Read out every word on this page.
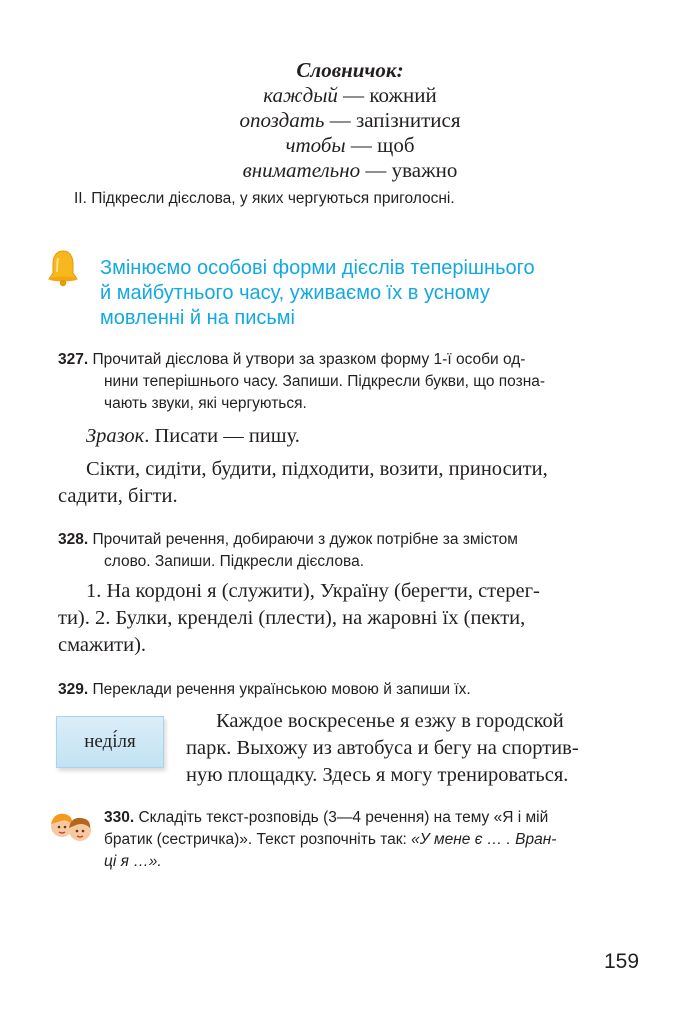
Словничок:
каждый — кожний
опоздать — запізнитися
чтобы — щоб
внимательно — уважно
II. Підкресли дієслова, у яких чергуються приголосні.
Змінюємо особові форми дієслів теперішнього
й майбутнього часу, уживаємо їх в усному
мовленні й на письмі
327. Прочитай дієслова й утвори за зразком форму 1-ї особи од-
нини теперішнього часу. Запиши. Підкресли букви, що позна-
чають звуки, які чергуються.
Зразок. Писати — пишу.
Сікти, сидіти, будити, підходити, возити, приносити,
садити, бігти.
328. Прочитай речення, добираючи з дужок потрібне за змістом
слово. Запиши. Підкресли дієслова.
1. На кордоні я (служити), Україну (берегти, стерег-
ти). 2. Булки, кренделі (плести), на жаровні їх (пекти,
смажити).
329. Переклади речення українською мовою й запиши їх.
неді́ля
Каждое воскресенье я езжу в городской
парк. Выхожу из автобуса и бегу на спортив-
ную площадку. Здесь я могу тренироваться.
330. Складіть текст-розповідь (3—4 речення) на тему «Я і мій
братик (сестричка)». Текст розпочніть так: «У мене є … . Вран-
ці я …».
159
